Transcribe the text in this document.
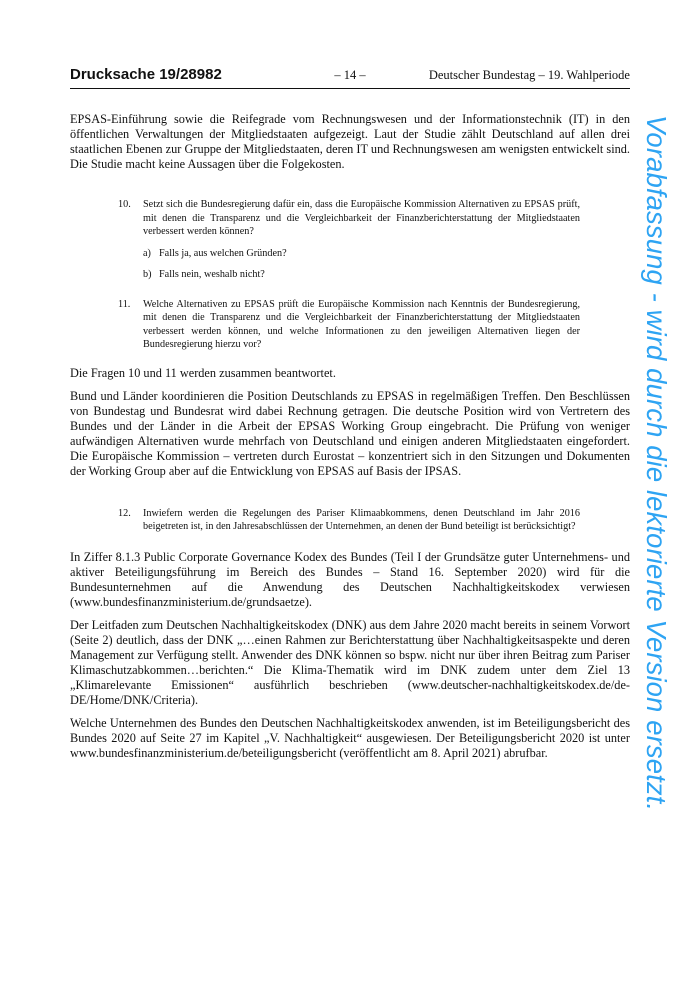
Drucksache 19/28982	– 14 –	Deutscher Bundestag – 19. Wahlperiode

EPSAS-Einführung sowie die Reifegrade vom Rechnungswesen und der Informationstechnik (IT) in den öffentlichen Verwaltungen der Mitgliedstaaten aufgezeigt. Laut der Studie zählt Deutschland auf allen drei staatlichen Ebenen zur Gruppe der Mitgliedstaaten, deren IT und Rechnungswesen am wenigsten entwickelt sind. Die Studie macht keine Aussagen über die Folgekosten.

10.	Setzt sich die Bundesregierung dafür ein, dass die Europäische Kommission Alternativen zu EPSAS prüft, mit denen die Transparenz und die Vergleichbarkeit der Finanzberichterstattung der Mitgliedstaaten verbessert werden können?
a) Falls ja, aus welchen Gründen?
b) Falls nein, weshalb nicht?
11.	Welche Alternativen zu EPSAS prüft die Europäische Kommission nach Kenntnis der Bundesregierung, mit denen die Transparenz und die Vergleichbarkeit der Finanzberichterstattung der Mitgliedstaaten verbessert werden können, und welche Informationen zu den jeweiligen Alternativen liegen der Bundesregierung hierzu vor?

Die Fragen 10 und 11 werden zusammen beantwortet.

Bund und Länder koordinieren die Position Deutschlands zu EPSAS in regelmäßigen Treffen. Den Beschlüssen von Bundestag und Bundesrat wird dabei Rechnung getragen. Die deutsche Position wird von Vertretern des Bundes und der Länder in die Arbeit der EPSAS Working Group eingebracht. Die Prüfung von weniger aufwändigen Alternativen wurde mehrfach von Deutschland und einigen anderen Mitgliedstaaten eingefordert. Die Europäische Kommission – vertreten durch Eurostat – konzentriert sich in den Sitzungen und Dokumenten der Working Group aber auf die Entwicklung von EPSAS auf Basis der IPSAS.

12.	Inwiefern werden die Regelungen des Pariser Klimaabkommens, denen Deutschland im Jahr 2016 beigetreten ist, in den Jahresabschlüssen der Unternehmen, an denen der Bund beteiligt ist berücksichtigt?

In Ziffer 8.1.3 Public Corporate Governance Kodex des Bundes (Teil I der Grundsätze guter Unternehmens- und aktiver Beteiligungsführung im Bereich des Bundes – Stand 16. September 2020) wird für die Bundesunternehmen auf die Anwendung des Deutschen Nachhaltigkeitskodex verwiesen (www.bundesfinanzministerium.de/grundsaetze).

Der Leitfaden zum Deutschen Nachhaltigkeitskodex (DNK) aus dem Jahre 2020 macht bereits in seinem Vorwort (Seite 2) deutlich, dass der DNK „…einen Rahmen zur Berichterstattung über Nachhaltigkeitsaspekte und deren Management zur Verfügung stellt. Anwender des DNK können so bspw. nicht nur über ihren Beitrag zum Pariser Klimaschutzabkommen…berichten.“ Die Klima-Thematik wird im DNK zudem unter dem Ziel 13 „Klimarelevante Emissionen“ ausführlich beschrieben (www.deutscher-nachhaltigkeitskodex.de/de-DE/Home/DNK/Criteria).

Welche Unternehmen des Bundes den Deutschen Nachhaltigkeitskodex anwenden, ist im Beteiligungsbericht des Bundes 2020 auf Seite 27 im Kapitel „V. Nachhaltigkeit“ ausgewiesen. Der Beteiligungsbericht 2020 ist unter www.bundesfinanzministerium.de/beteiligungsbericht (veröffentlicht am 8. April 2021) abrufbar.	Vorabfassung - wird durch die lektorierte Version ersetzt.
